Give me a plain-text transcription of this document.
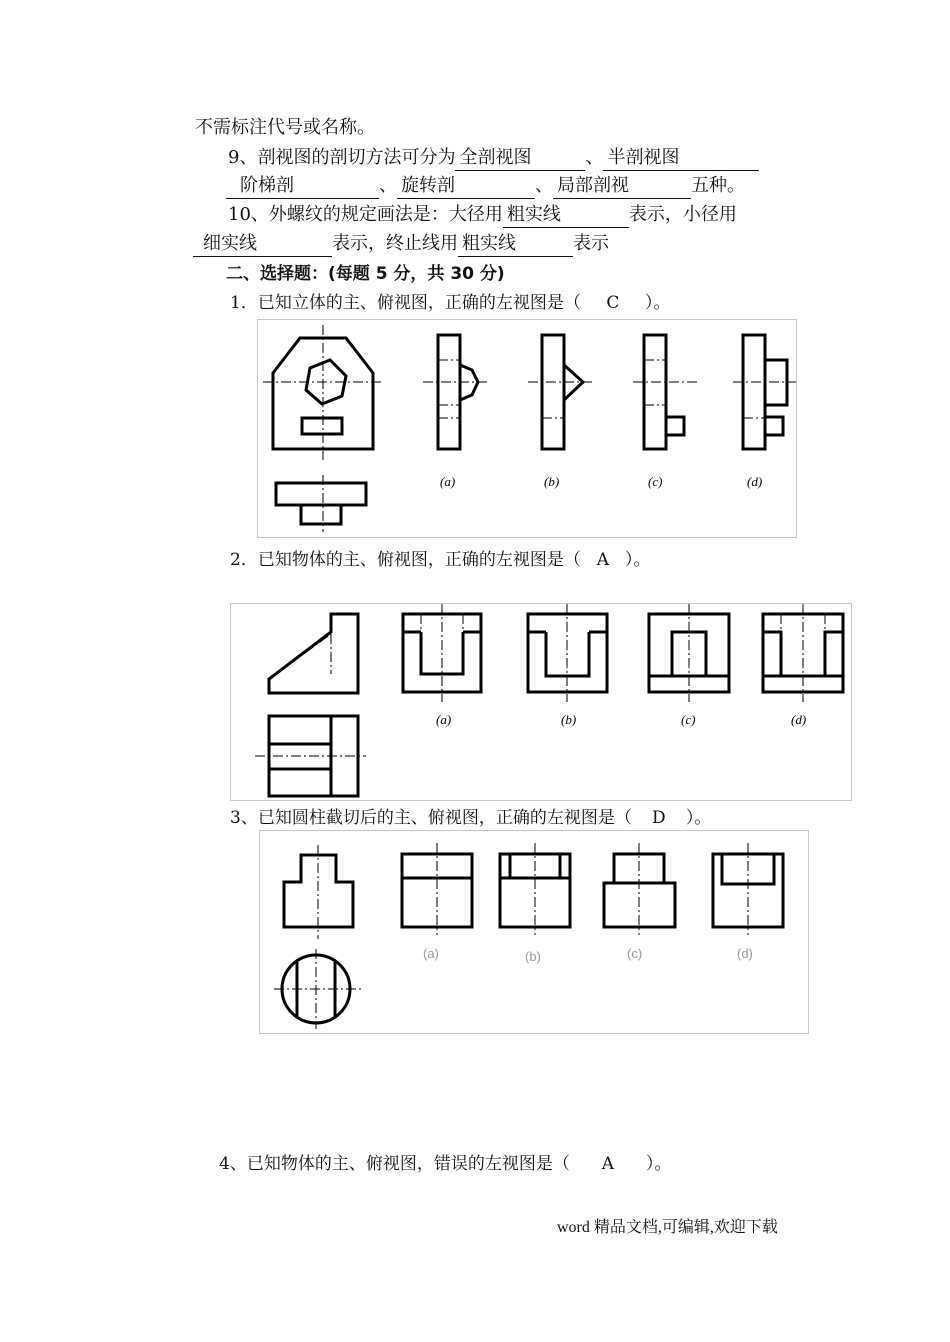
不需标注代号或名称。
9、剖视图的剖切方法可分为 全剖视图	、 半剖视图
阶梯剖	、 旋转剖	、 局部剖视	五种。
10、外螺纹的规定画法是：大径用 粗实线	表示，小径用
细实线	表示，终止线用 粗实线	表示
二、选择题：(每题 5 分，共 30 分)
1．已知立体的主、俯视图，正确的左视图是（ C ）。
(a)	(b)	(c)	(d)
2．已知物体的主、俯视图，正确的左视图是（ A ）。
(a)	(b)	(c)	(d)
3、已知圆柱截切后的主、俯视图，正确的左视图是（ D ）。
(a)	(b)	(c)	(d)
4、已知物体的主、俯视图，错误的左视图是（ A ）。
word 精品文档,可编辑,欢迎下载
